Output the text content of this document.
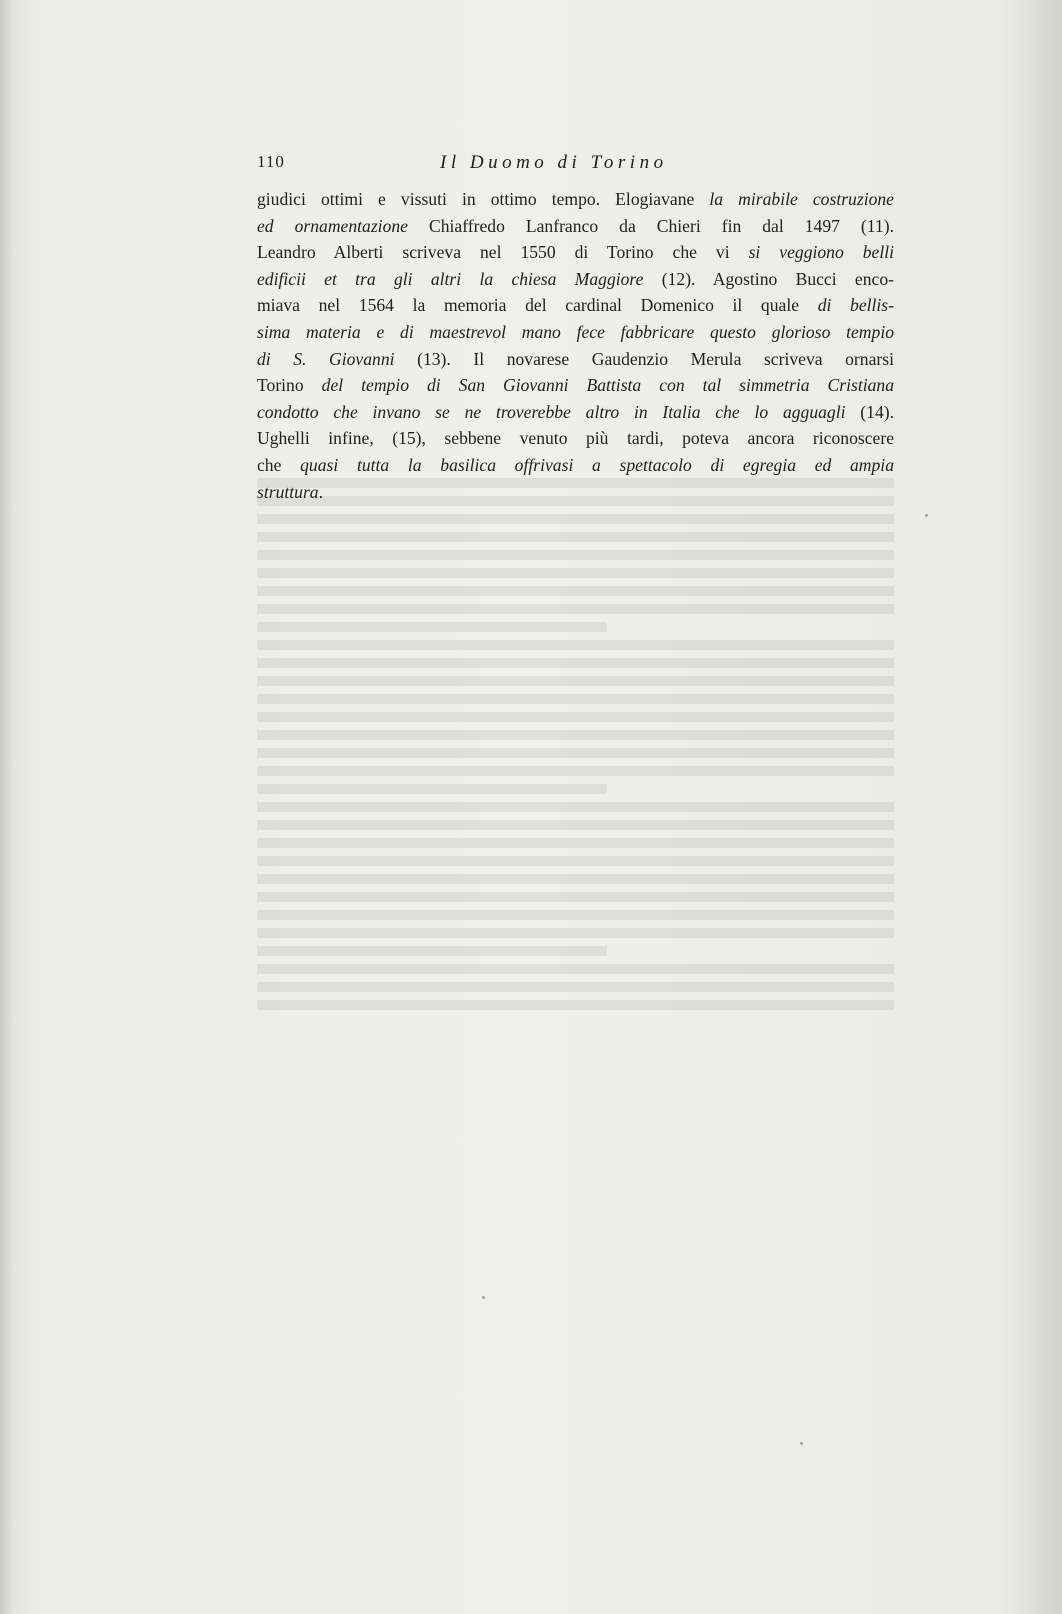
110	Il Duomo di Torino
giudici ottimi e vissuti in ottimo tempo. Elogiavane la mirabile costruzione
ed ornamentazione Chiaffredo Lanfranco da Chieri fin dal 1497 (11).
Leandro Alberti scriveva nel 1550 di Torino che vi si veggiono belli
edificii et tra gli altri la chiesa Maggiore (12). Agostino Bucci enco-
miava nel 1564 la memoria del cardinal Domenico il quale di bellis-
sima materia e di maestrevol mano fece fabbricare questo glorioso tempio
di S. Giovanni (13). Il novarese Gaudenzio Merula scriveva ornarsi
Torino del tempio di San Giovanni Battista con tal simmetria Cristiana
condotto che invano se ne troverebbe altro in Italia che lo agguagli (14).
Ughelli infine, (15), sebbene venuto più tardi, poteva ancora riconoscere
che quasi tutta la basilica offrivasi a spettacolo di egregia ed ampia
struttura.
